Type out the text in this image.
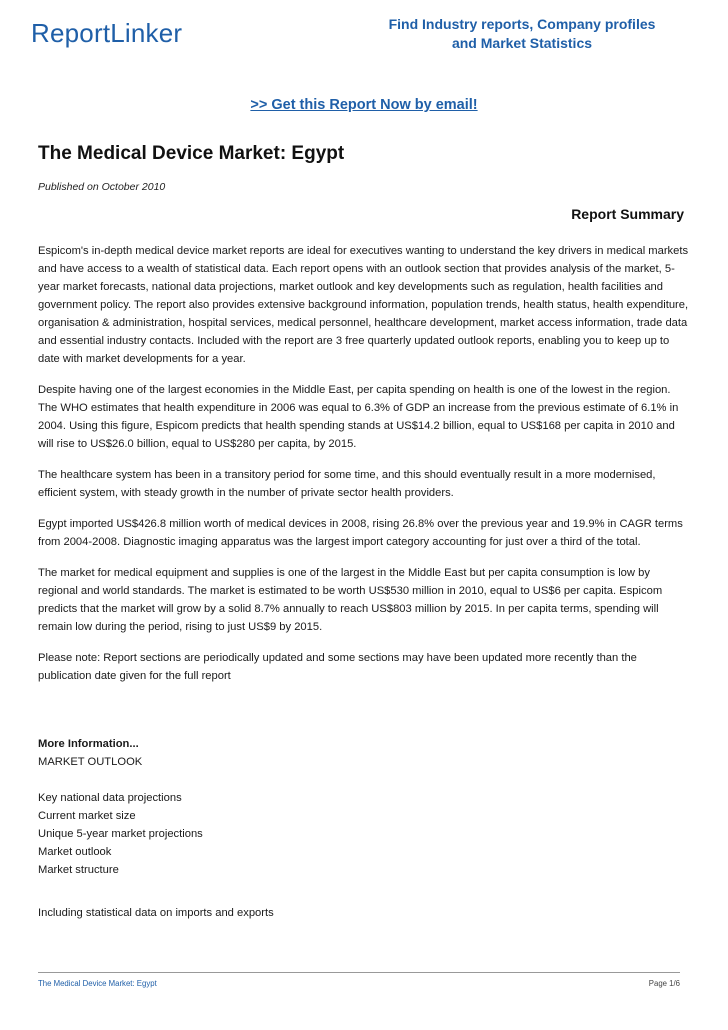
ReportLinker	Find Industry reports, Company profiles
and Market Statistics
>> Get this Report Now by email!
The Medical Device Market: Egypt
Published on October 2010
Report Summary

Espicom's in-depth medical device market reports are ideal for executives wanting to understand the key drivers in medical markets and have access to a wealth of statistical data. Each report opens with an outlook section that provides analysis of the market, 5-year market forecasts, national data projections, market outlook and key developments such as regulation, health facilities and government policy. The report also provides extensive background information, population trends, health status, health expenditure, organisation & administration, hospital services, medical personnel, healthcare development, market access information, trade data and essential industry contacts. Included with the report are 3 free quarterly updated outlook reports, enabling you to keep up to date with market developments for a year.

Despite having one of the largest economies in the Middle East, per capita spending on health is one of the lowest in the region. The WHO estimates that health expenditure in 2006 was equal to 6.3% of GDP an increase from the previous estimate of 6.1% in 2004. Using this figure, Espicom predicts that health spending stands at US$14.2 billion, equal to US$168 per capita in 2010 and will rise to US$26.0 billion, equal to US$280 per capita, by 2015.

The healthcare system has been in a transitory period for some time, and this should eventually result in a more modernised, efficient system, with steady growth in the number of private sector health providers.

Egypt imported US$426.8 million worth of medical devices in 2008, rising 26.8% over the previous year and 19.9% in CAGR terms from 2004-2008. Diagnostic imaging apparatus was the largest import category accounting for just over a third of the total.

The market for medical equipment and supplies is one of the largest in the Middle East but per capita consumption is low by regional and world standards. The market is estimated to be worth US$530 million in 2010, equal to US$6 per capita. Espicom predicts that the market will grow by a solid 8.7% annually to reach US$803 million by 2015. In per capita terms, spending will remain low during the period, rising to just US$9 by 2015.

Please note: Report sections are periodically updated and some sections may have been updated more recently than the publication date given for the full report

More Information...
MARKET OUTLOOK
Key national data projections
Current market size
Unique 5-year market projections
Market outlook
Market structure
Including statistical data on imports and exports
The Medical Device Market: Egypt	Page 1/6
